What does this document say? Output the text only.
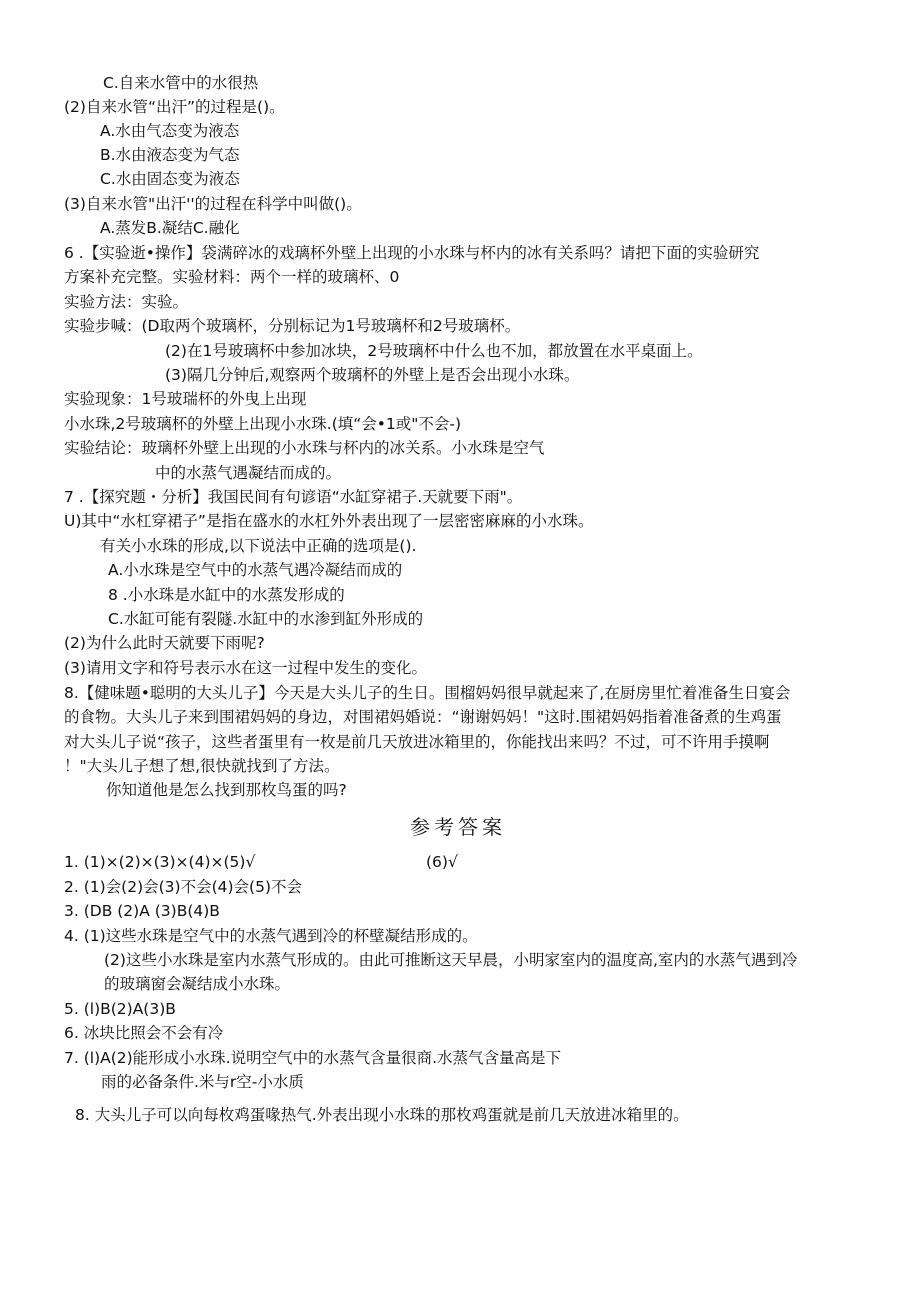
C.自来水管中的水很热
(2)自来水管“出汗”的过程是()。
A.水由气态变为液态
B.水由液态变为气态
C.水由固态变为液态
(3)自来水管"出汗''的过程在科学中叫做()。
A.蒸发B.凝结C.融化
6 .【实验逝•操作】袋满碎冰的戏璃杯外壁上出现的小水珠与杯内的冰有关系吗？请把下面的实验研究
方案补充完整。实验材料：两个一样的玻璃杯、0
实验方法：实验。
实验步喊：(D取两个玻璃杯，分别标记为1号玻璃杯和2号玻璃杯。
(2)在1号玻璃杯中参加冰块，2号玻璃杯中什么也不加，都放置在水平桌面上。
(3)隔几分钟后,观察两个玻璃杯的外壁上是否会出现小水珠。
实验现象：1号玻瑞杯的外曳上出现
小水珠,2号玻璃杯的外壁上出现小水珠.(填“会•1或"不会-)
实验结论：玻璃杯外壁上出现的小水珠与杯内的冰关系。小水珠是空气
中的水蒸气遇凝结而成的。
7 .【探究题・分析】我国民间有句谚语“水缸穿裙子.天就要下雨"。
U)其中“水杠穿裙子”是指在盛水的水杠外外表出现了一层密密麻麻的小水珠。
有关小水珠的形成,以下说法中正确的选项是().
A.小水珠是空气中的水蒸气遇冷凝结而成的
8 .小水珠是水缸中的水蒸发形成的
C.水缸可能有裂隧.水缸中的水渗到缸外形成的
(2)为什么此时天就要下雨呢?
(3)请用文字和符号表示水在这一过程中发生的变化。
8.【健味题•聪明的大头儿子】今天是大头儿子的生日。围榴妈妈很早就起来了,在厨房里忙着准备生日宴会
的食物。大头儿子来到围裙妈妈的身边，对围裙妈婚说：“谢谢妈妈！"这时.围裙妈妈指着准备煮的生鸡蛋
对大头儿子说“孩子，这些者蛋里有一枚是前几天放进冰箱里的，你能找出来吗？不过，可不许用手摸啊
！"大头儿子想了想,很快就找到了方法。
你知道他是怎么找到那枚鸟蛋的吗?
参考答案
1. (1)×(2)×(3)×(4)×(5)√	(6)√
2. (1)会(2)会(3)不会(4)会(5)不会
3. (DB (2)A (3)B(4)B
4. (1)这些水珠是空气中的水蒸气遇到冷的杯壁凝结形成的。
(2)这些小水珠是室内水蒸气形成的。由此可推断这天早晨，小明家室内的温度高,室内的水蒸气遇到冷
的玻璃窗会凝结成小水珠。
5. (l)B(2)A(3)B
6. 冰块比照会不会有冷
7. (l)A(2)能形成小水珠.说明空气中的水蒸气含量很商.水蒸气含量高是下
雨的必备条件.米与r空-小水质
8. 大头儿子可以向每枚鸡蛋喙热气.外表出现小水珠的那枚鸡蛋就是前几天放进冰箱里的。
